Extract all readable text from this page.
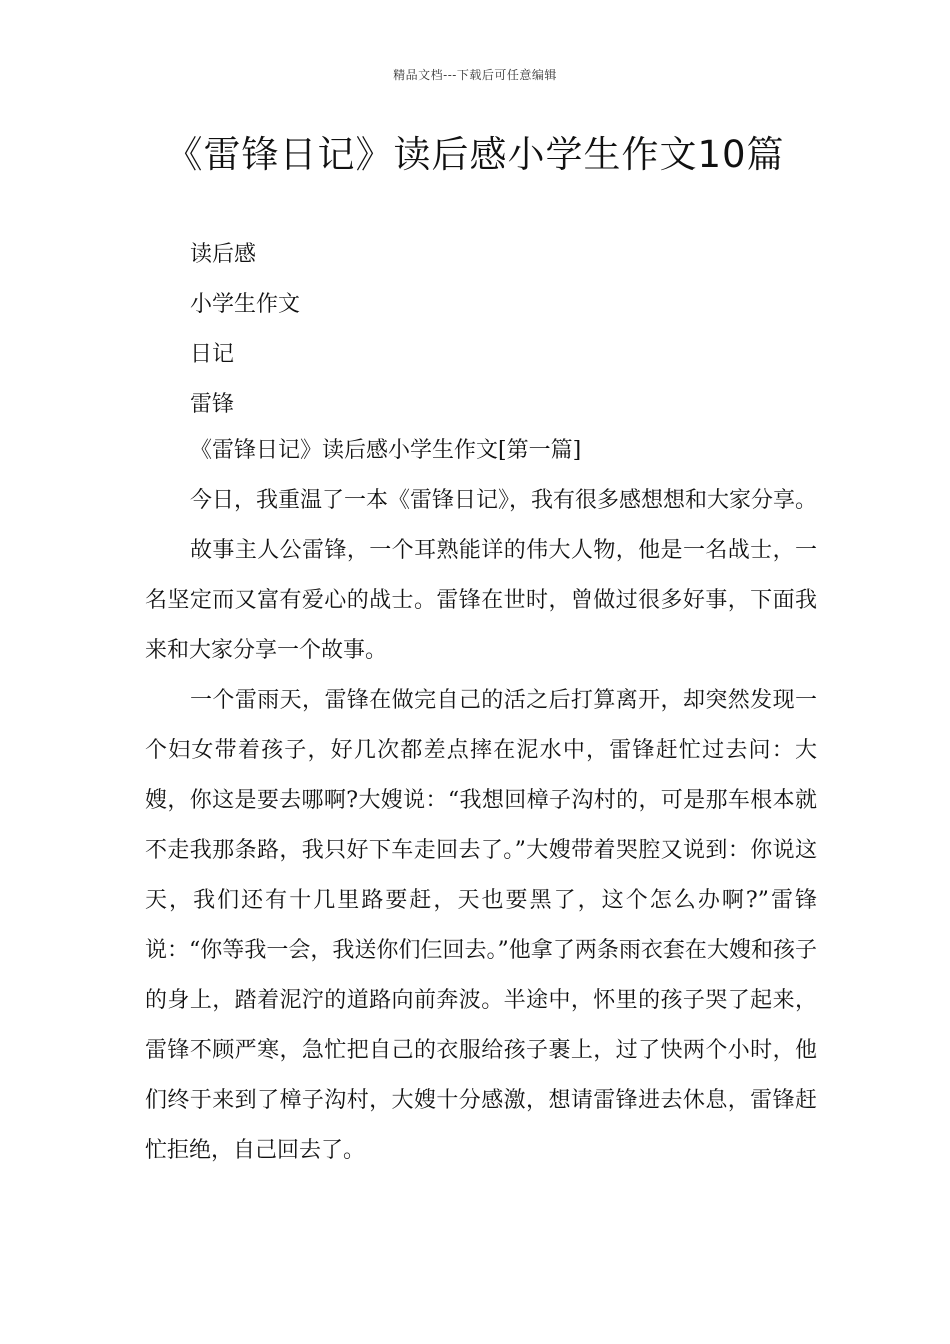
精品文档---下载后可任意编辑
《雷锋日记》读后感小学生作文10篇
读后感
小学生作文
日记
雷锋
《雷锋日记》读后感小学生作文[第一篇]

今日，我重温了一本《雷锋日记》，我有很多感想想和大家分享。

故事主人公雷锋，一个耳熟能详的伟大人物，他是一名战士，一名坚定而又富有爱心的战士。雷锋在世时，曾做过很多好事，下面我来和大家分享一个故事。

一个雷雨天，雷锋在做完自己的活之后打算离开，却突然发现一个妇女带着孩子，好几次都差点摔在泥水中，雷锋赶忙过去问：大嫂，你这是要去哪啊?大嫂说：“我想回樟子沟村的，可是那车根本就不走我那条路，我只好下车走回去了。”大嫂带着哭腔又说到：你说这天，我们还有十几里路要赶，天也要黑了，这个怎么办啊?”雷锋说：“你等我一会，我送你们仨回去。”他拿了两条雨衣套在大嫂和孩子的身上，踏着泥泞的道路向前奔波。半途中，怀里的孩子哭了起来，雷锋不顾严寒，急忙把自己的衣服给孩子裹上，过了快两个小时，他们终于来到了樟子沟村，大嫂十分感激，想请雷锋进去休息，雷锋赶忙拒绝，自己回去了。
